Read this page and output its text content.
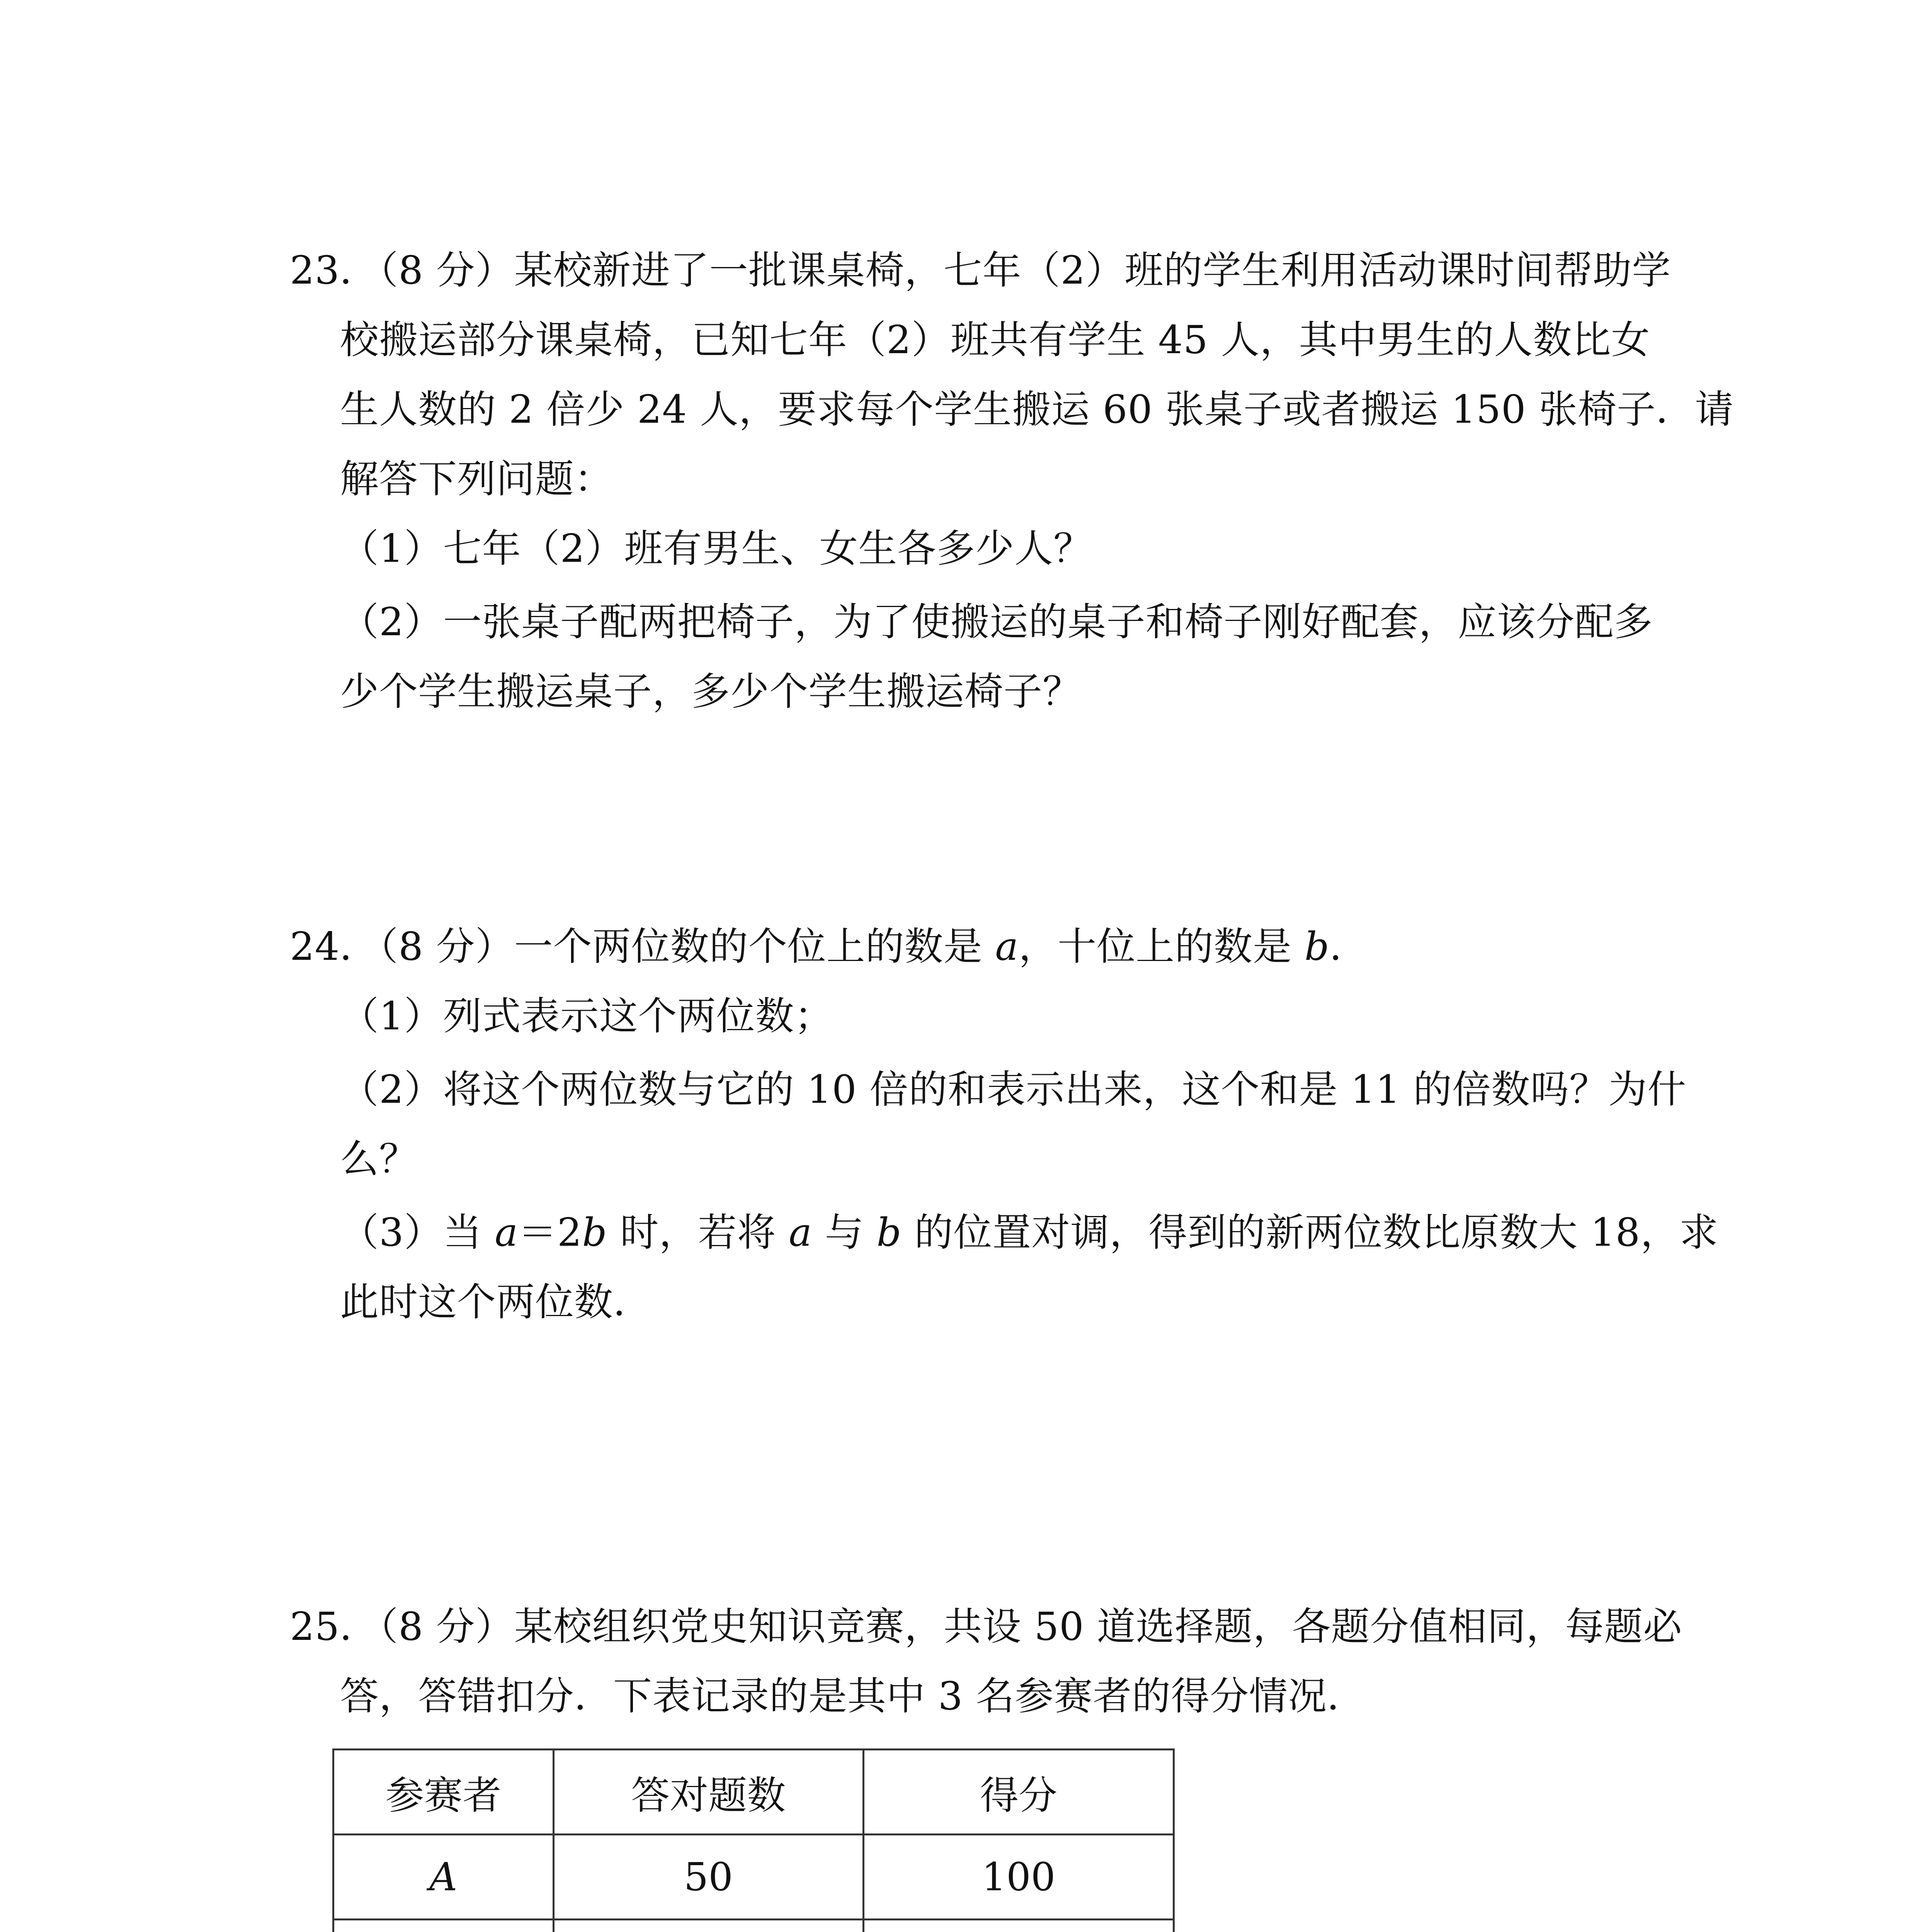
23．（8 分）某校新进了一批课桌椅，七年（2）班的学生利用活动课时间帮助学
校搬运部分课桌椅，已知七年（2）班共有学生 45 人，其中男生的人数比女
生人数的 2 倍少 24 人，要求每个学生搬运 60 张桌子或者搬运 150 张椅子．请
解答下列问题：
（1）七年（2）班有男生、女生各多少人？
（2）一张桌子配两把椅子，为了使搬运的桌子和椅子刚好配套，应该分配多
少个学生搬运桌子，多少个学生搬运椅子？
24．（8 分）一个两位数的个位上的数是 a，十位上的数是 b．
（1）列式表示这个两位数；
（2）将这个两位数与它的 10 倍的和表示出来，这个和是 11 的倍数吗？为什
么？
（3）当 a＝2b 时，若将 a 与 b 的位置对调，得到的新两位数比原数大 18，求
此时这个两位数．
25．（8 分）某校组织党史知识竞赛，共设 50 道选择题，各题分值相同，每题必
答，答错扣分．下表记录的是其中 3 名参赛者的得分情况．
参赛者	答对题数	得分
A	50	100
